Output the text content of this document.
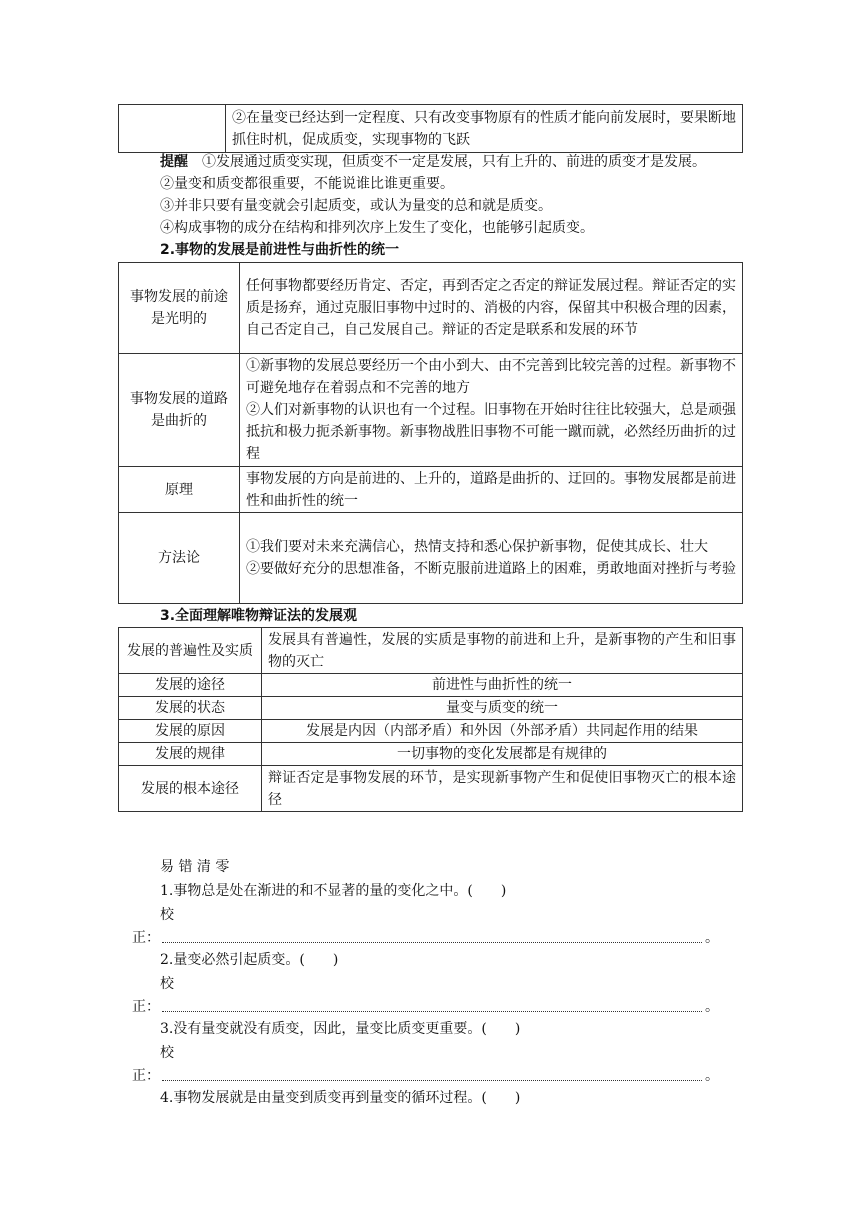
	②在量变已经达到一定程度、只有改变事物原有的性质才能向前发展时，要果断地抓住时机，促成质变，实现事物的飞跃
提醒 ①发展通过质变实现，但质变不一定是发展，只有上升的、前进的质变才是发展。
②量变和质变都很重要，不能说谁比谁更重要。
③并非只要有量变就会引起质变，或认为量变的总和就是质变。
④构成事物的成分在结构和排列次序上发生了变化，也能够引起质变。
2.事物的发展是前进性与曲折性的统一
事物发展的前途是光明的	任何事物都要经历肯定、否定，再到否定之否定的辩证发展过程。辩证否定的实质是扬弃，通过克服旧事物中过时的、消极的内容，保留其中积极合理的因素，自己否定自己，自己发展自己。辩证的否定是联系和发展的环节

事物发展的道路是曲折的	①新事物的发展总要经历一个由小到大、由不完善到比较完善的过程。新事物不可避免地存在着弱点和不完善的地方
②人们对新事物的认识也有一个过程。旧事物在开始时往往比较强大，总是顽强抵抗和极力扼杀新事物。新事物战胜旧事物不可能一蹴而就，必然经历曲折的过程

原理	事物发展的方向是前进的、上升的，道路是曲折的、迂回的。事物发展都是前进性和曲折性的统一

方法论	①我们要对未来充满信心，热情支持和悉心保护新事物，促使其成长、壮大
②要做好充分的思想准备，不断克服前进道路上的困难，勇敢地面对挫折与考验
3.全面理解唯物辩证法的发展观
发展的普遍性及实质	发展具有普遍性，发展的实质是事物的前进和上升，是新事物的产生和旧事物的灭亡
发展的途径	前进性与曲折性的统一
发展的状态	量变与质变的统一
发展的原因	发展是内因（内部矛盾）和外因（外部矛盾）共同起作用的结果
发展的规律	一切事物的变化发展都是有规律的
发展的根本途径	辩证否定是事物发展的环节，是实现新事物产生和促使旧事物灭亡的根本途径
易 错 清 零
1.事物总是处在渐进的和不显著的量的变化之中。(　　)
校
正：	。
2.量变必然引起质变。(　　)
校
正：	。
3.没有量变就没有质变，因此，量变比质变更重要。(　　)
校
正：	。
4.事物发展就是由量变到质变再到量变的循环过程。(　　)
